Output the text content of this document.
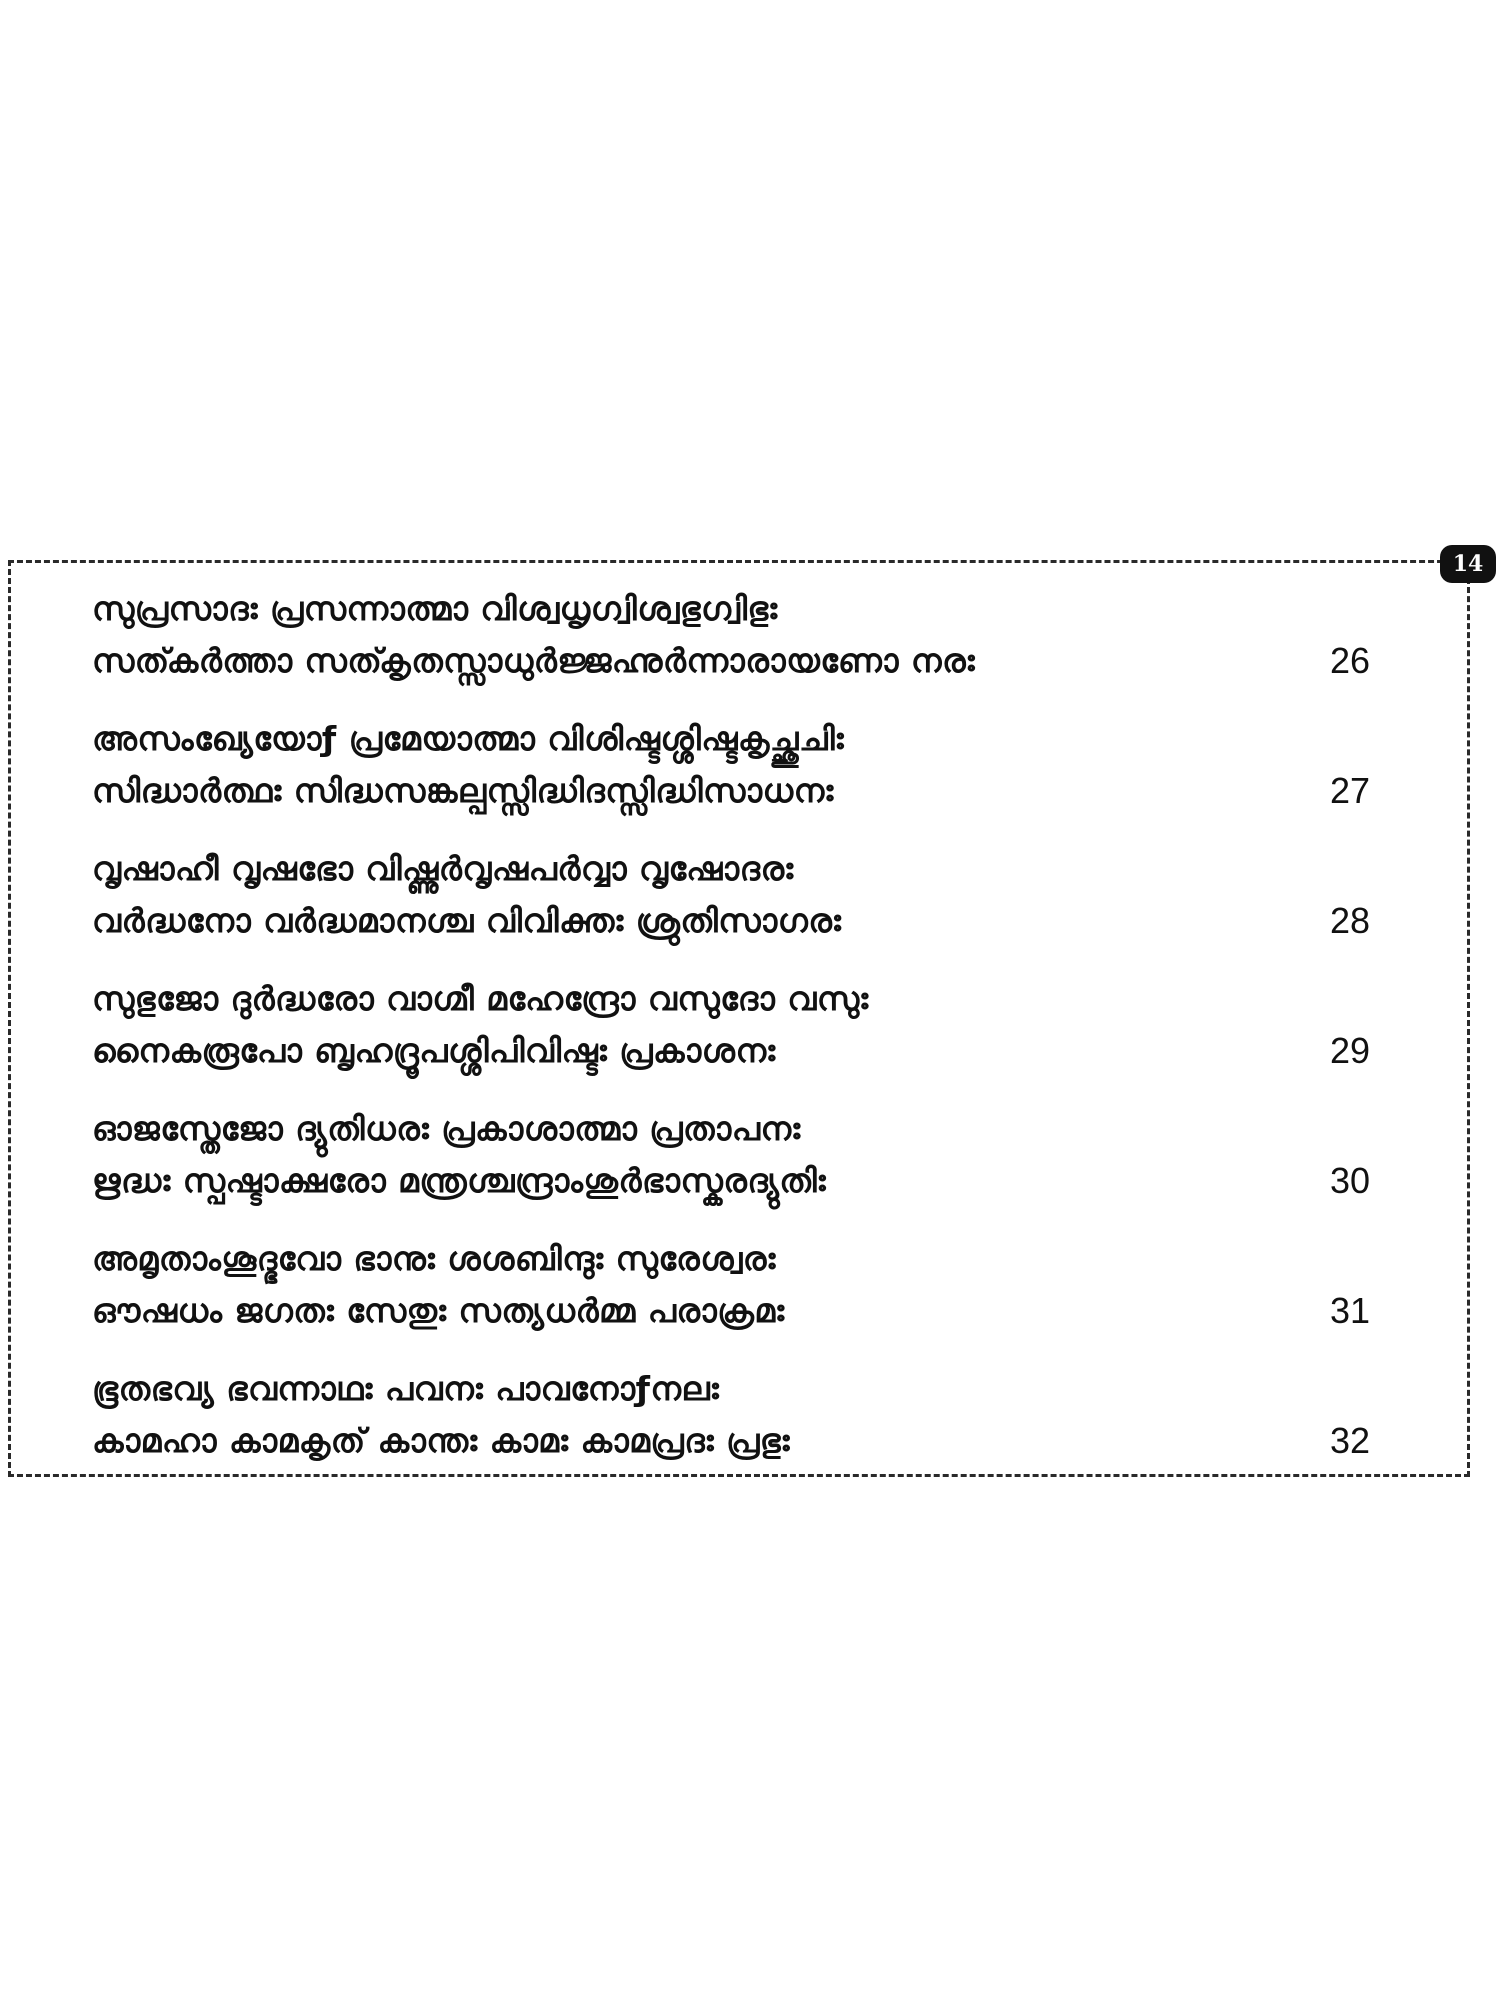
14
സുപ്രസാദഃ പ്രസന്നാത്മാ വിശ്വധൃഗ്വിശ്വഭുഗ്വിഭുഃ
സത്കർത്താ സത്കൃതസ്സാധുർജ്ജഹ്നുർന്നാരായണോ നരഃ	26
അസംഖ്യേയോƒ പ്രമേയാത്മാ വിശിഷ്ടശ്ശിഷ്ടകൃച്ഛുചിഃ
സിദ്ധാർത്ഥഃ സിദ്ധസങ്കല്പസ്സിദ്ധിദസ്സിദ്ധിസാധനഃ	27
വൃഷാഹീ വൃഷഭോ വിഷ്ണുർവൃഷപർവ്വാ വൃഷോദരഃ
വർദ്ധനോ വർദ്ധമാനശ്ച വിവിക്തഃ ശ്രുതിസാഗരഃ	28
സുഭുജോ ദുർദ്ധരോ വാഗ്മീ മഹേന്ദ്രോ വസുദോ വസുഃ
നൈകരൂപോ ബൃഹദ്രൂപശ്ശിപിവിഷ്ടഃ പ്രകാശനഃ	29
ഓജസ്തേജോ ദ്യുതിധരഃ പ്രകാശാത്മാ പ്രതാപനഃ
ഋദ്ധഃ സ്പഷ്ടാക്ഷരോ മന്ത്രശ്ചന്ദ്രാംശുർഭാസ്കരദ്യുതിഃ	30
അമൃതാംശൂദ്ഭവോ ഭാനുഃ ശശബിന്ദുഃ സുരേശ്വരഃ
ഔഷധം ജഗതഃ സേതുഃ സത്യധർമ്മ പരാക്രമഃ	31
ഭൂതഭവ്യ ഭവന്നാഥഃ പവനഃ പാവനോƒനലഃ
കാമഹാ കാമകൃത് കാന്തഃ കാമഃ കാമപ്രദഃ പ്രഭുഃ	32
